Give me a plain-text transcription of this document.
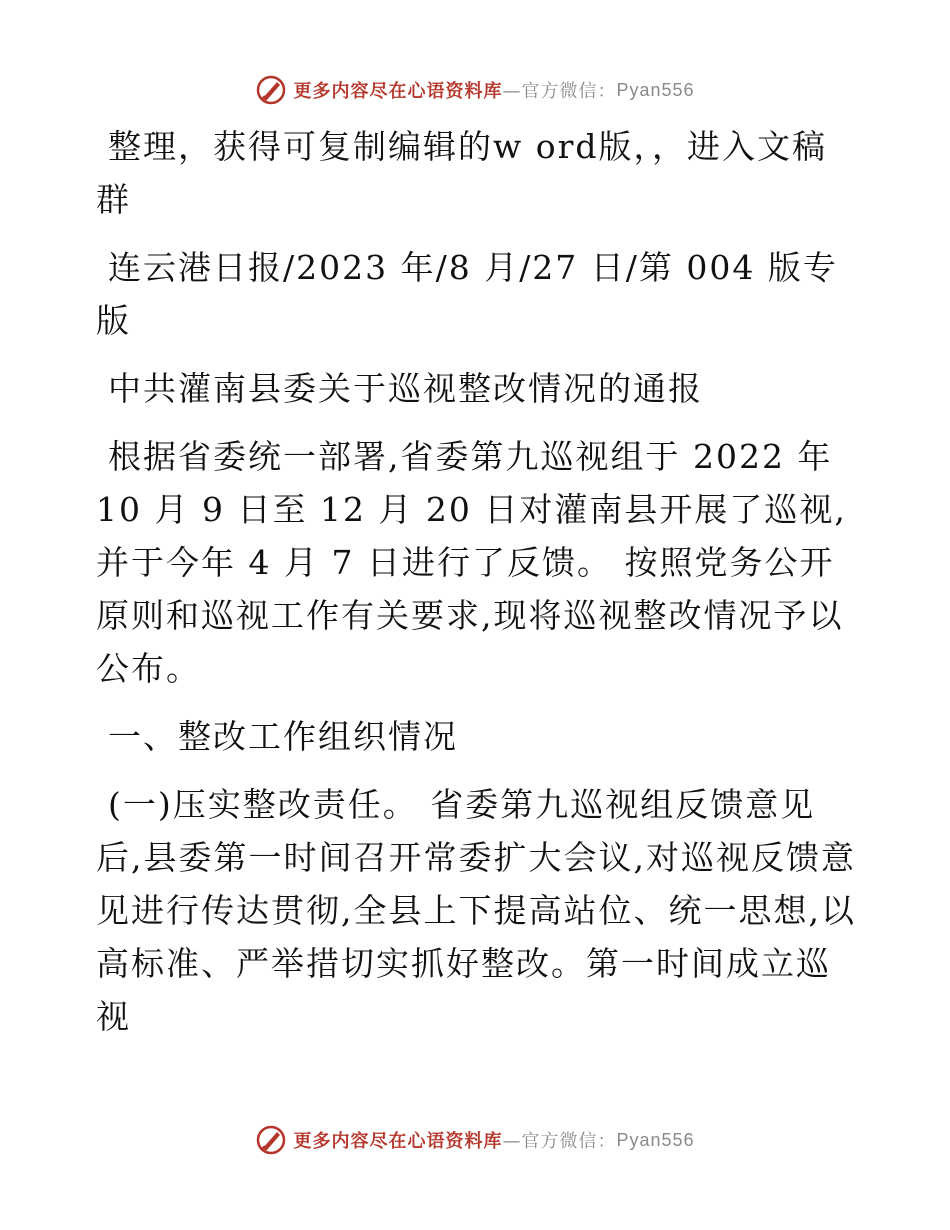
更多内容尽在心语资料库 —官方微信： Pyan556

整理，获得可复制编辑的w ord版，，进入文稿群

连云港日报/2023 年/8 月/27 日/第 004 版专版

中共灌南县委关于巡视整改情况的通报

根据省委统一部署,省委第九巡视组于 2022 年 10 月 9 日至 12 月 20 日对灌南县开展了巡视,并于今年 4 月 7 日进行了反馈。 按照党务公开原则和巡视工作有关要求,现将巡视整改情况予以公布。

一、整改工作组织情况

(一)压实整改责任。 省委第九巡视组反馈意见后,县委第一时间召开常委扩大会议,对巡视反馈意见进行传达贯彻,全县上下提高站位、统一思想,以高标准、严举措切实抓好整改。第一时间成立巡视

更多内容尽在心语资料库 —官方微信： Pyan556
